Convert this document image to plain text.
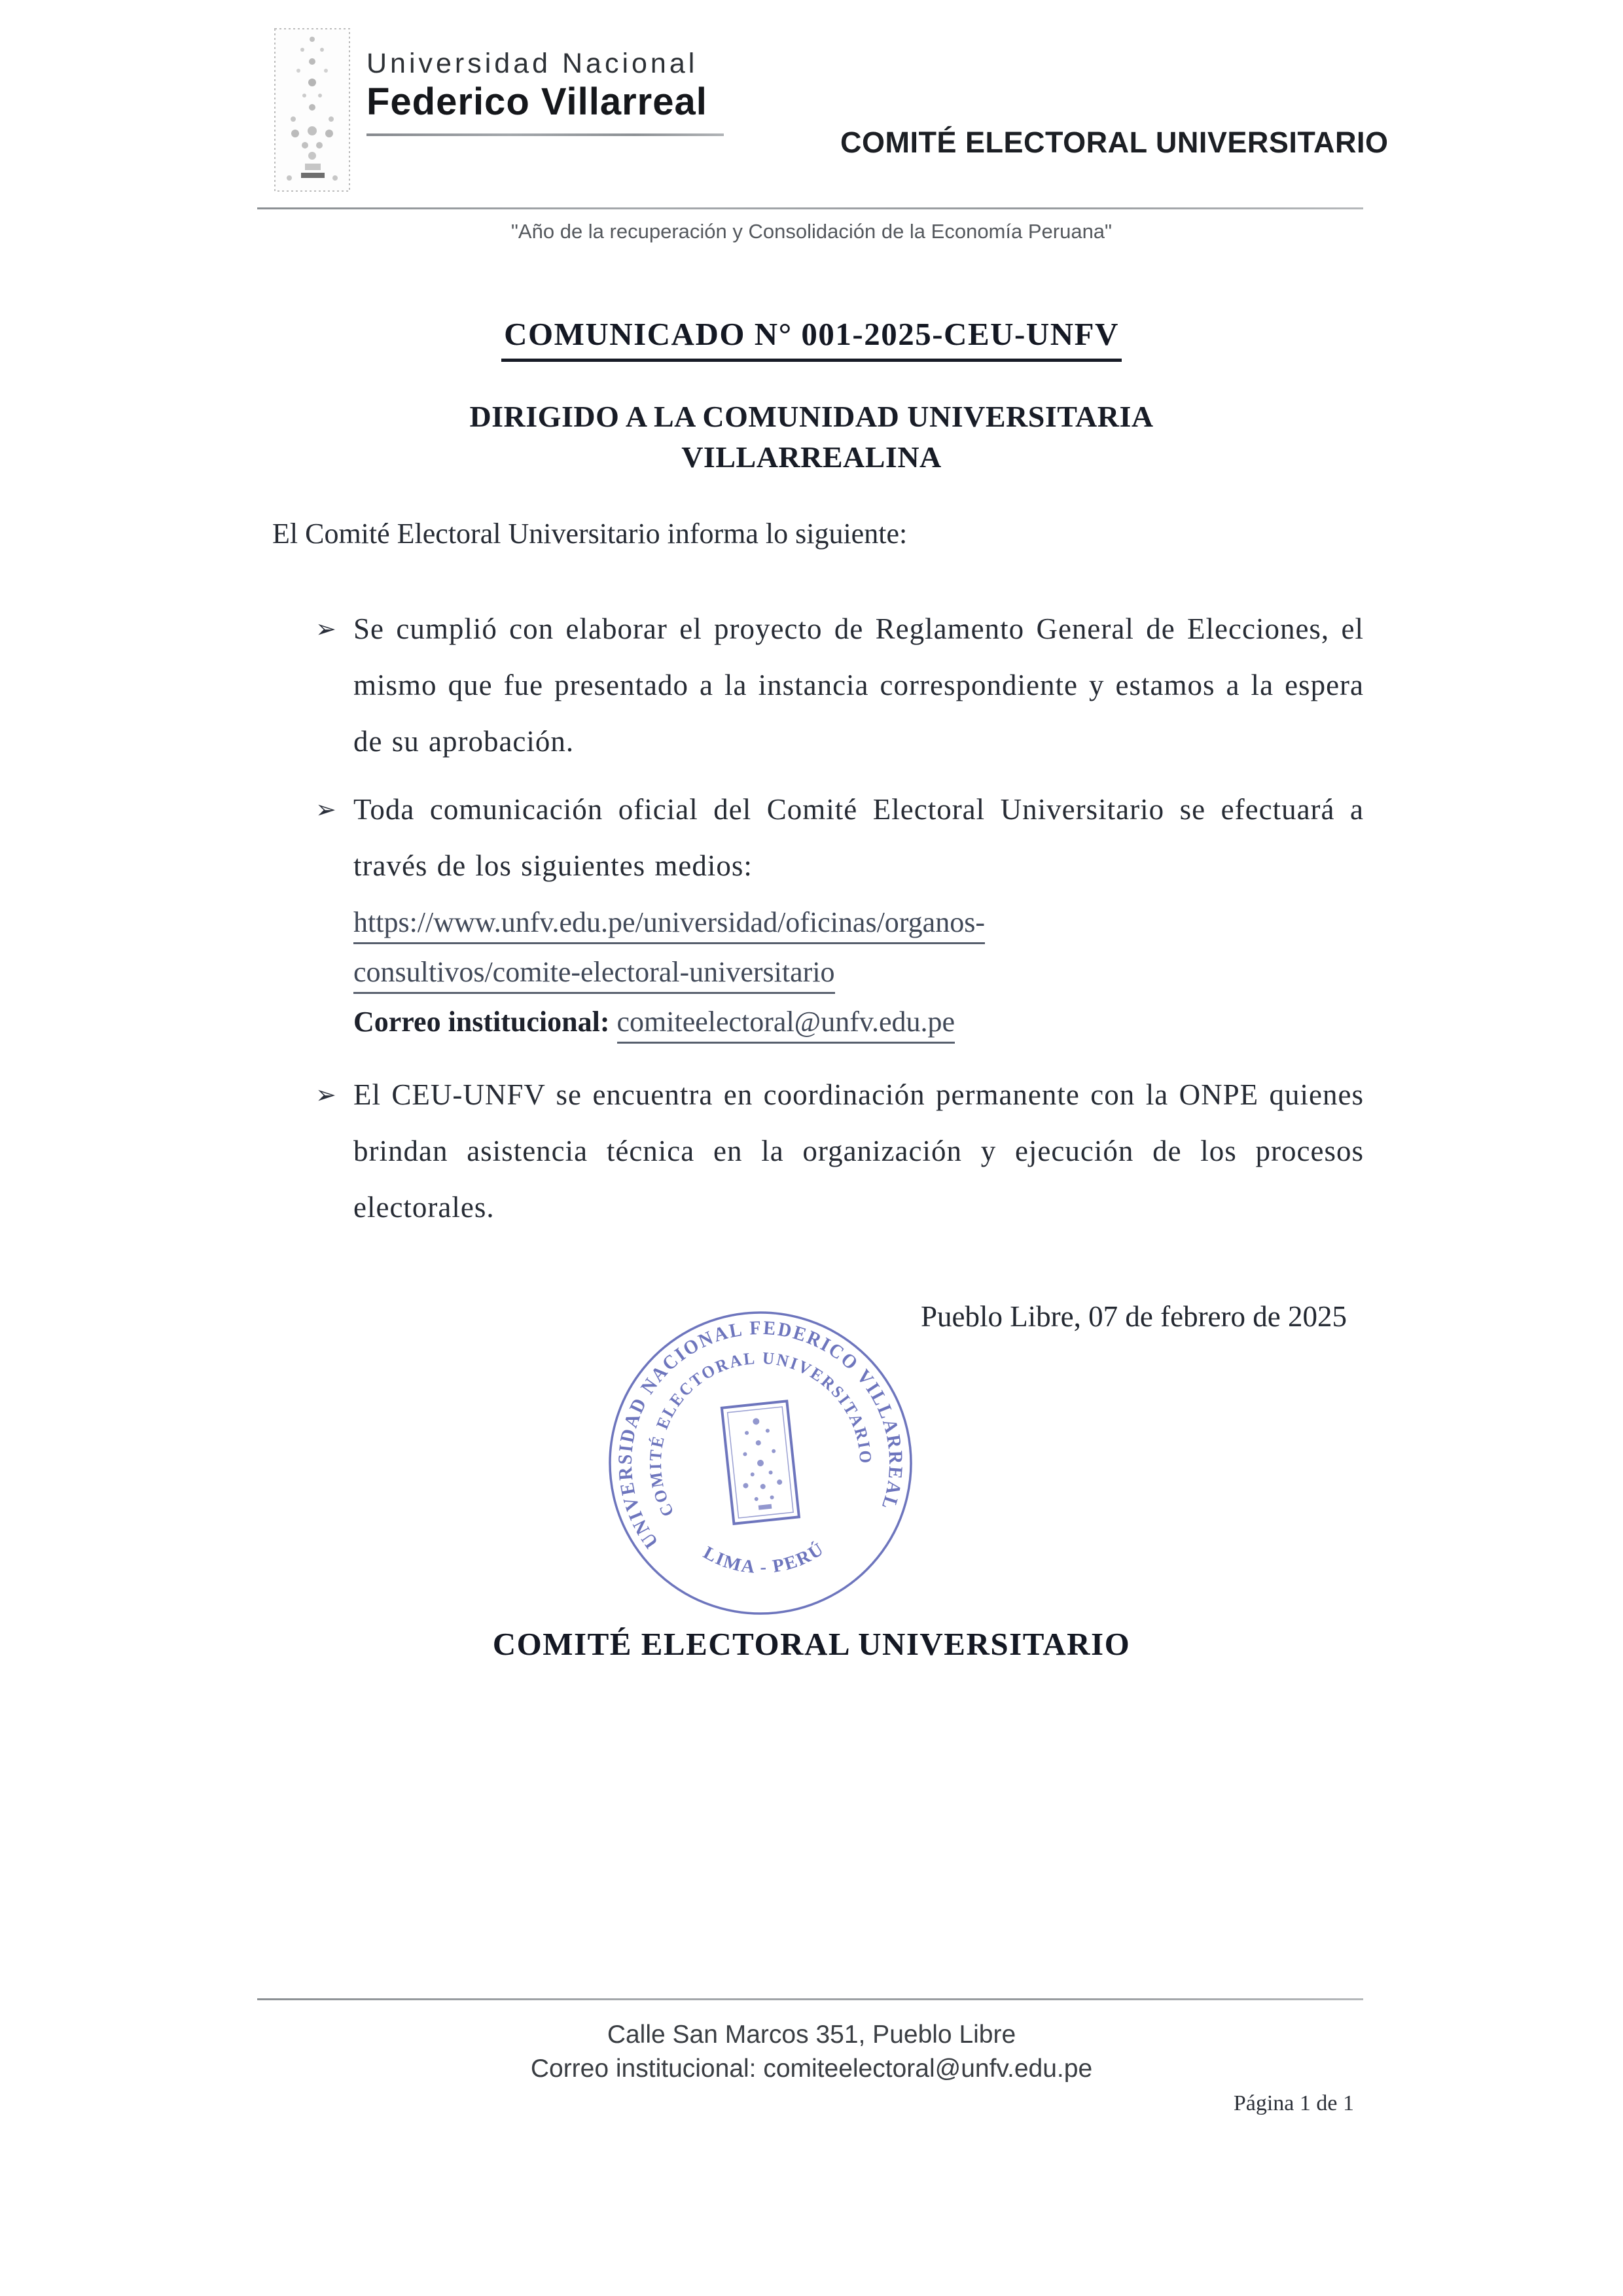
Universidad Nacional
Federico Villarreal
COMITÉ ELECTORAL UNIVERSITARIO
"Año de la recuperación y Consolidación de la Economía Peruana"
COMUNICADO N° 001-2025-CEU-UNFV
DIRIGIDO A LA COMUNIDAD UNIVERSITARIA VILLARREALINA
El Comité Electoral Universitario informa lo siguiente:
➢ Se cumplió con elaborar el proyecto de Reglamento General de Elecciones, el mismo que fue presentado a la instancia correspondiente y estamos a la espera de su aprobación.

➢ Toda comunicación oficial del Comité Electoral Universitario se efectuará a través de los siguientes medios:

https://www.unfv.edu.pe/universidad/oficinas/organos-
consultivos/comite-electoral-universitario
Correo institucional: comiteelectoral@unfv.edu.pe
➢ El CEU-UNFV se encuentra en coordinación permanente con la ONPE quienes brindan asistencia técnica en la organización y ejecución de los procesos electorales.

Pueblo Libre, 07 de febrero de 2025
UNIVERSIDAD NACIONAL FEDERICO VILLARREAL
COMITÉ ELECTORAL UNIVERSITARIO
LIMA - PERÚ
COMITÉ ELECTORAL UNIVERSITARIO
Calle San Marcos 351, Pueblo Libre
Correo institucional: comiteelectoral@unfv.edu.pe
Página 1 de 1
